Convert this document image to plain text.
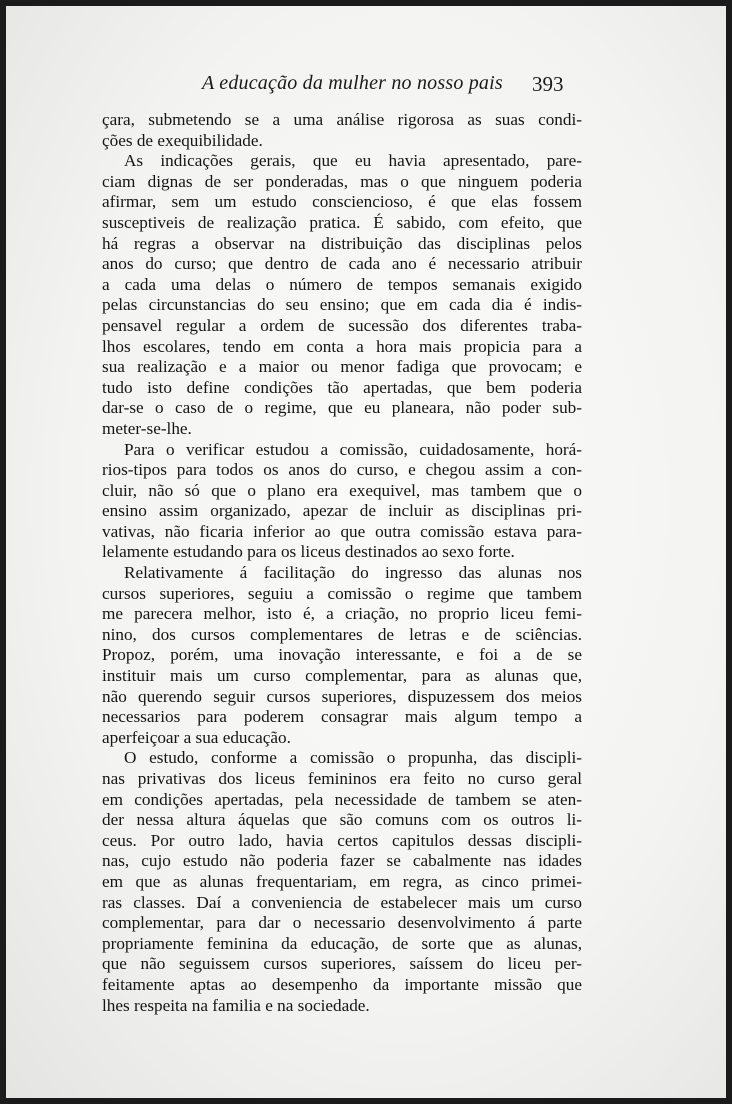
A educação da mulher no nosso pais 393
çara, submetendo se a uma análise rigorosa as suas condi-
ções de exequibilidade.
As indicações gerais, que eu havia apresentado, pare-
ciam dignas de ser ponderadas, mas o que ninguem poderia
afirmar, sem um estudo consciencioso, é que elas fossem
susceptiveis de realização pratica. É sabido, com efeito, que
há regras a observar na distribuição das disciplinas pelos
anos do curso; que dentro de cada ano é necessario atribuir
a cada uma delas o número de tempos semanais exigido
pelas circunstancias do seu ensino; que em cada dia é indis-
pensavel regular a ordem de sucessão dos diferentes traba-
lhos escolares, tendo em conta a hora mais propicia para a
sua realização e a maior ou menor fadiga que provocam; e
tudo isto define condições tão apertadas, que bem poderia
dar-se o caso de o regime, que eu planeara, não poder sub-
meter-se-lhe.
Para o verificar estudou a comissão, cuidadosamente, horá-
rios-tipos para todos os anos do curso, e chegou assim a con-
cluir, não só que o plano era exequivel, mas tambem que o
ensino assim organizado, apezar de incluir as disciplinas pri-
vativas, não ficaria inferior ao que outra comissão estava para-
lelamente estudando para os liceus destinados ao sexo forte.
Relativamente á facilitação do ingresso das alunas nos
cursos superiores, seguiu a comissão o regime que tambem
me parecera melhor, isto é, a criação, no proprio liceu femi-
nino, dos cursos complementares de letras e de sciências.
Propoz, porém, uma inovação interessante, e foi a de se
instituir mais um curso complementar, para as alunas que,
não querendo seguir cursos superiores, dispuzessem dos meios
necessarios para poderem consagrar mais algum tempo a
aperfeiçoar a sua educação.
O estudo, conforme a comissão o propunha, das discipli-
nas privativas dos liceus femininos era feito no curso geral
em condições apertadas, pela necessidade de tambem se aten-
der nessa altura áquelas que são comuns com os outros li-
ceus. Por outro lado, havia certos capitulos dessas discipli-
nas, cujo estudo não poderia fazer se cabalmente nas idades
em que as alunas frequentariam, em regra, as cinco primei-
ras classes. Daí a conveniencia de estabelecer mais um curso
complementar, para dar o necessario desenvolvimento á parte
propriamente feminina da educação, de sorte que as alunas,
que não seguissem cursos superiores, saíssem do liceu per-
feitamente aptas ao desempenho da importante missão que
lhes respeita na familia e na sociedade.
